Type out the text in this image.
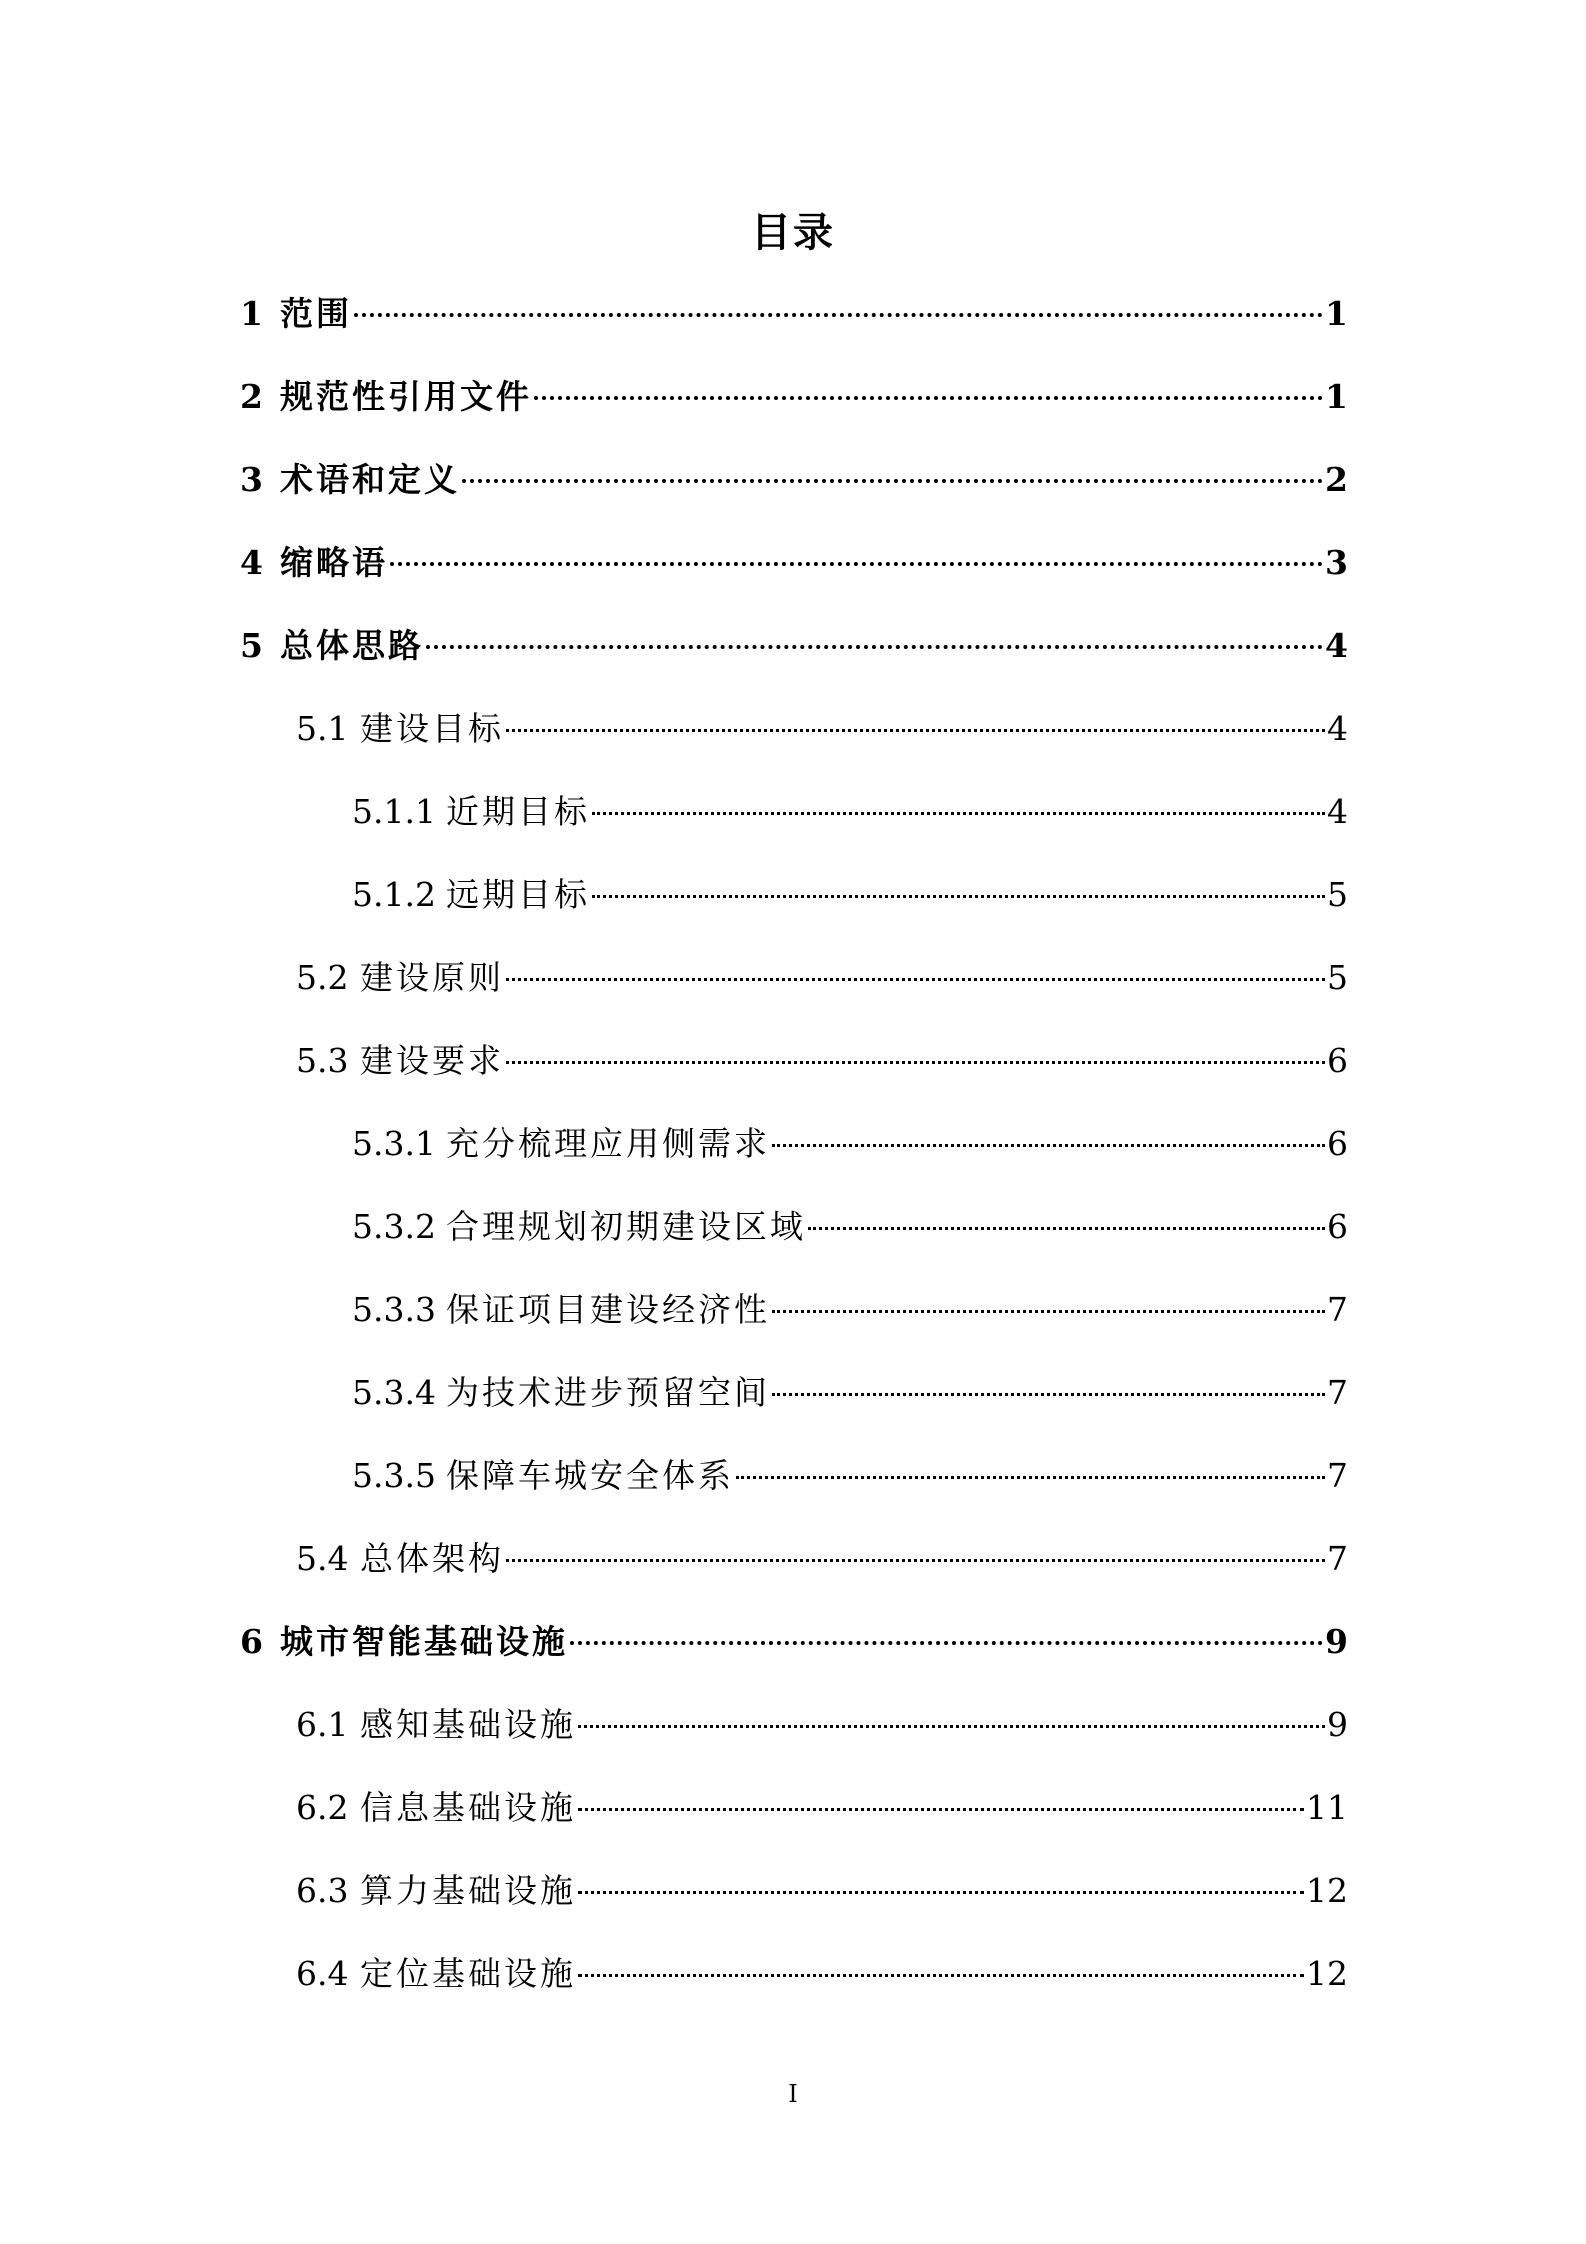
目录
1 范围	1
2 规范性引用文件	1
3 术语和定义	2
4 缩略语	3
5 总体思路	4
5.1 建设目标	4
5.1.1 近期目标	4
5.1.2 远期目标	5
5.2 建设原则	5
5.3 建设要求	6
5.3.1 充分梳理应用侧需求	6
5.3.2 合理规划初期建设区域	6
5.3.3 保证项目建设经济性	7
5.3.4 为技术进步预留空间	7
5.3.5 保障车城安全体系	7
5.4 总体架构	7
6 城市智能基础设施	9
6.1 感知基础设施	9
6.2 信息基础设施	11
6.3 算力基础设施	12
6.4 定位基础设施	12
I
